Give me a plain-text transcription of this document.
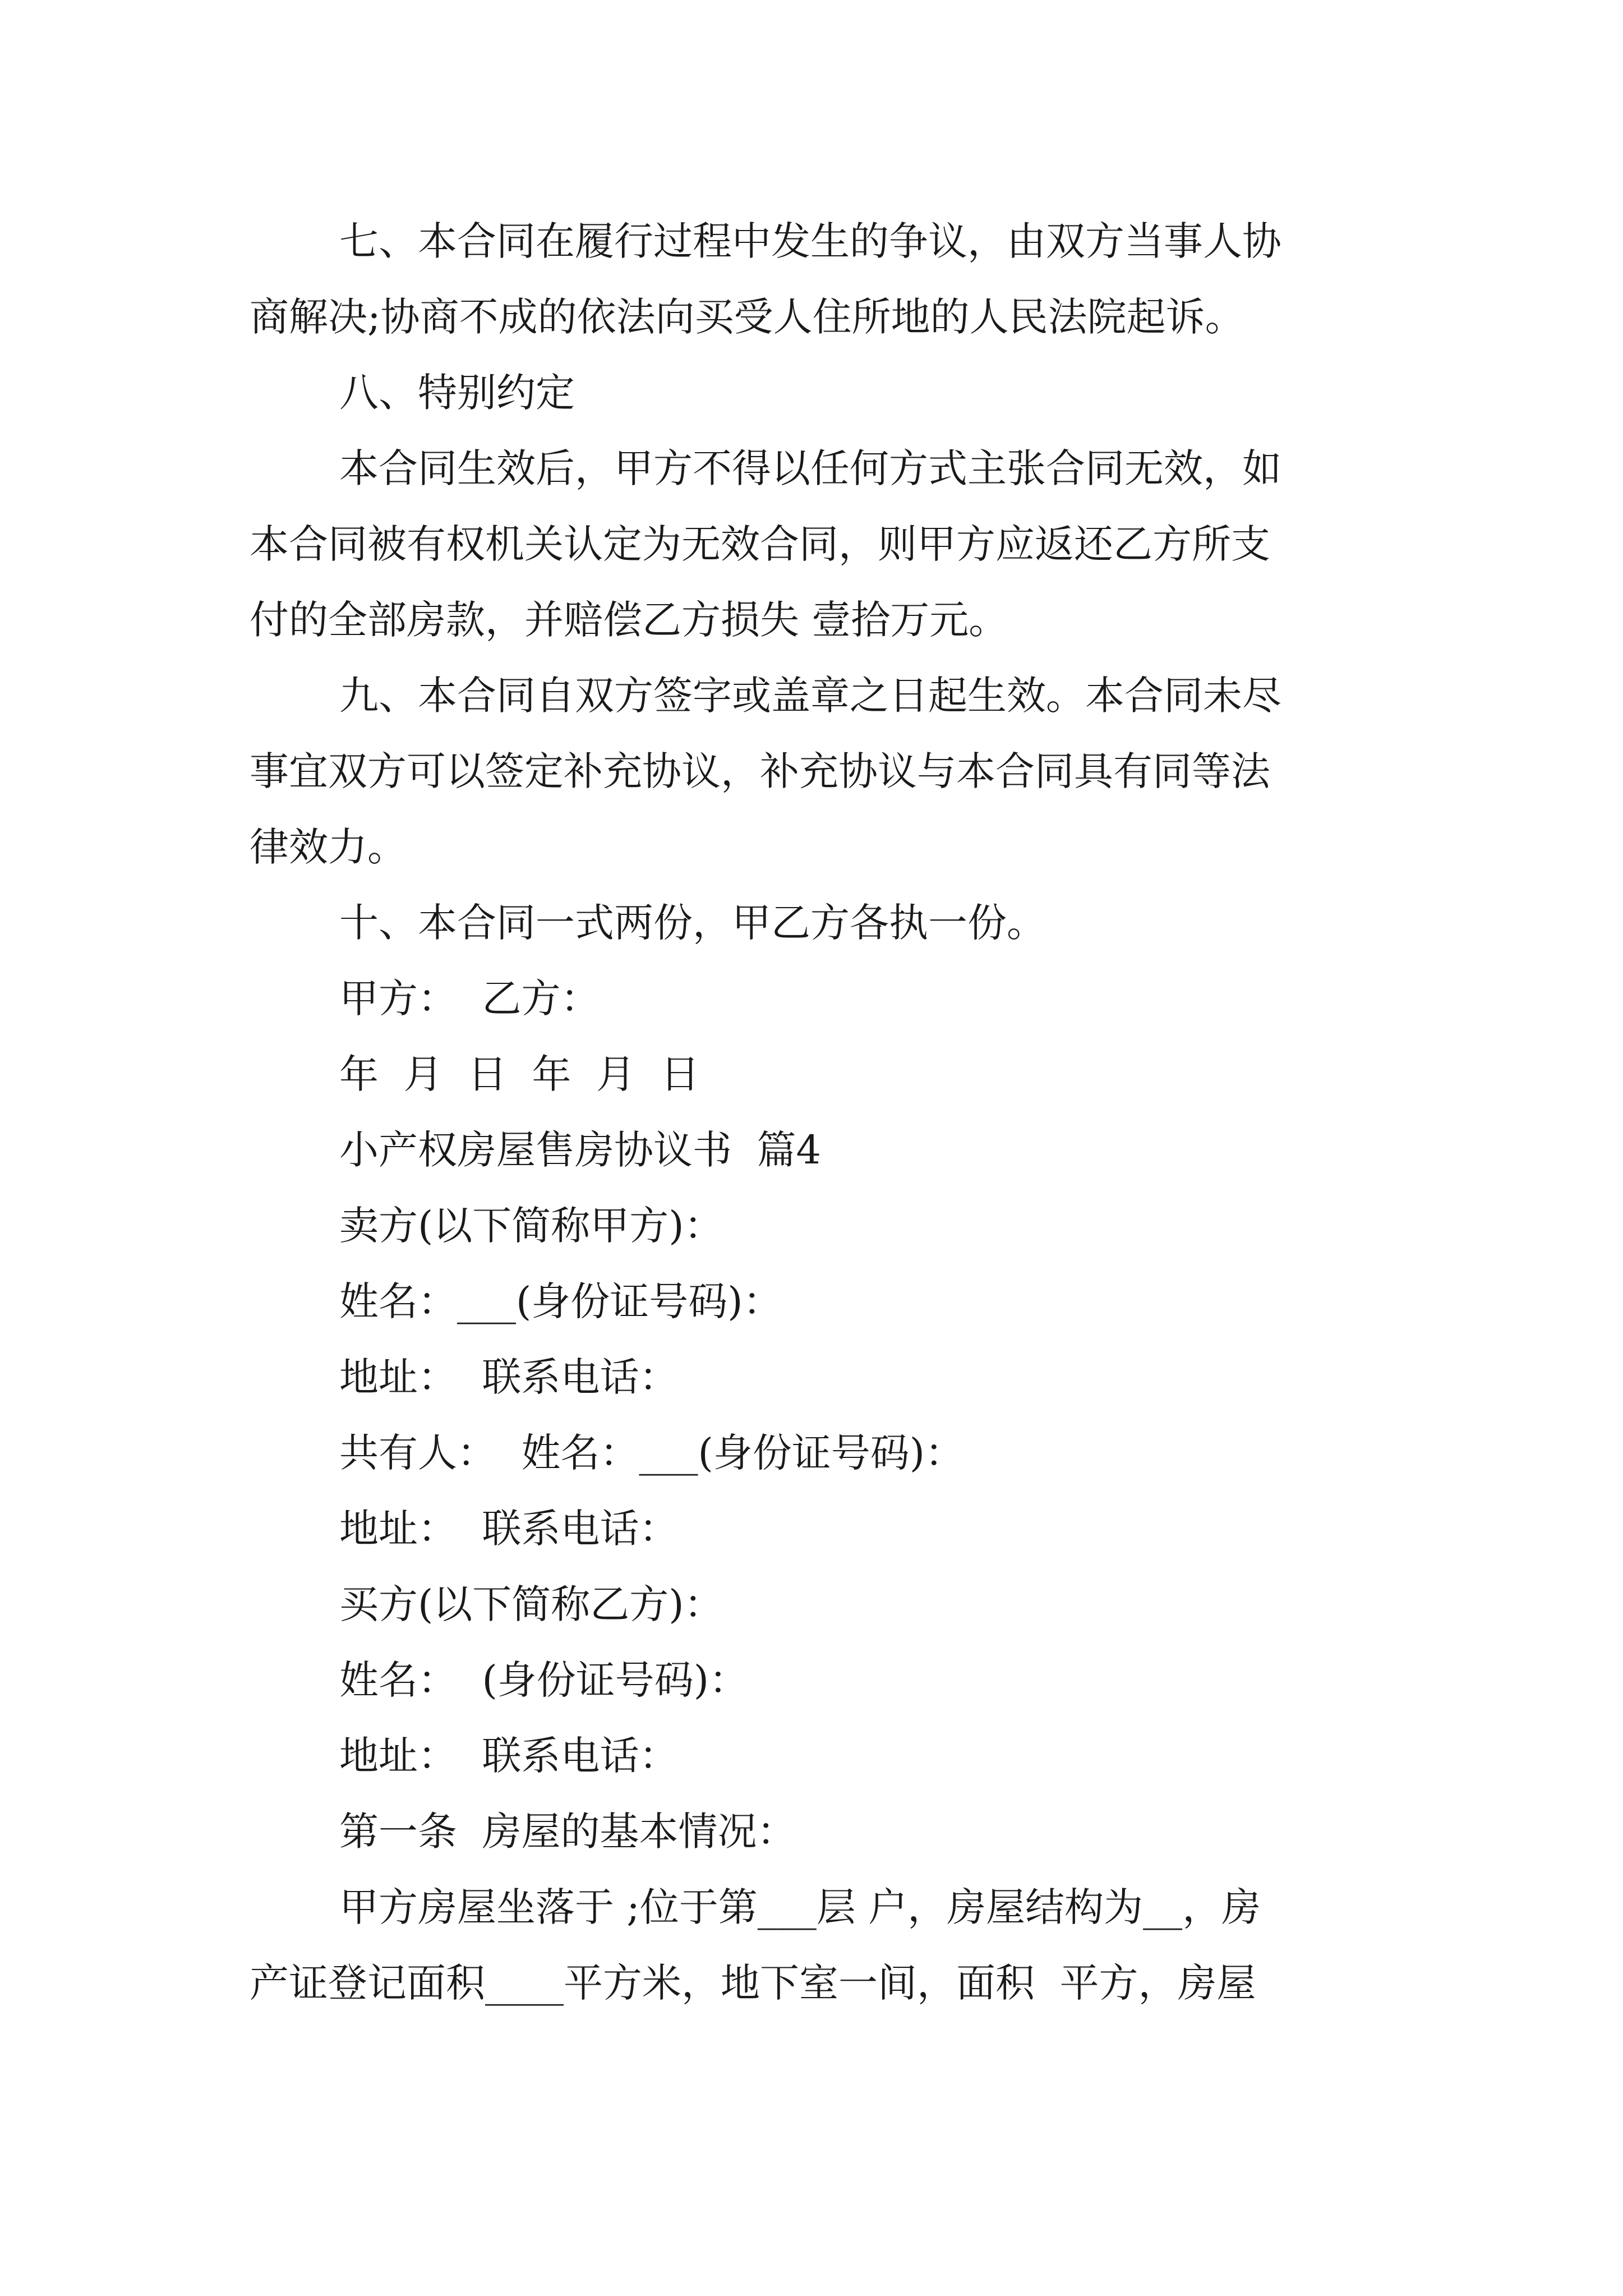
七、本合同在履行过程中发生的争议，由双方当事人协
商解决;协商不成的依法向买受人住所地的人民法院起诉。
八、特别约定
本合同生效后，甲方不得以任何方式主张合同无效，如
本合同被有权机关认定为无效合同，则甲方应返还乙方所支
付的全部房款，并赔偿乙方损失 壹拾万元。
九、本合同自双方签字或盖章之日起生效。本合同未尽
事宜双方可以签定补充协议，补充协议与本合同具有同等法
律效力。
十、本合同一式两份，甲乙方各执一份。
甲方：  乙方：
年  月  日  年  月  日
小产权房屋售房协议书  篇4
卖方(以下简称甲方)：
姓名：___(身份证号码)：
地址：  联系电话：
共有人：  姓名：___(身份证号码)：
地址：  联系电话：
买方(以下简称乙方)：
姓名：  (身份证号码)：
地址：  联系电话：
第一条  房屋的基本情况：
甲方房屋坐落于 ;位于第___层 户，房屋结构为__，房
产证登记面积____平方米，地下室一间，面积  平方，房屋
